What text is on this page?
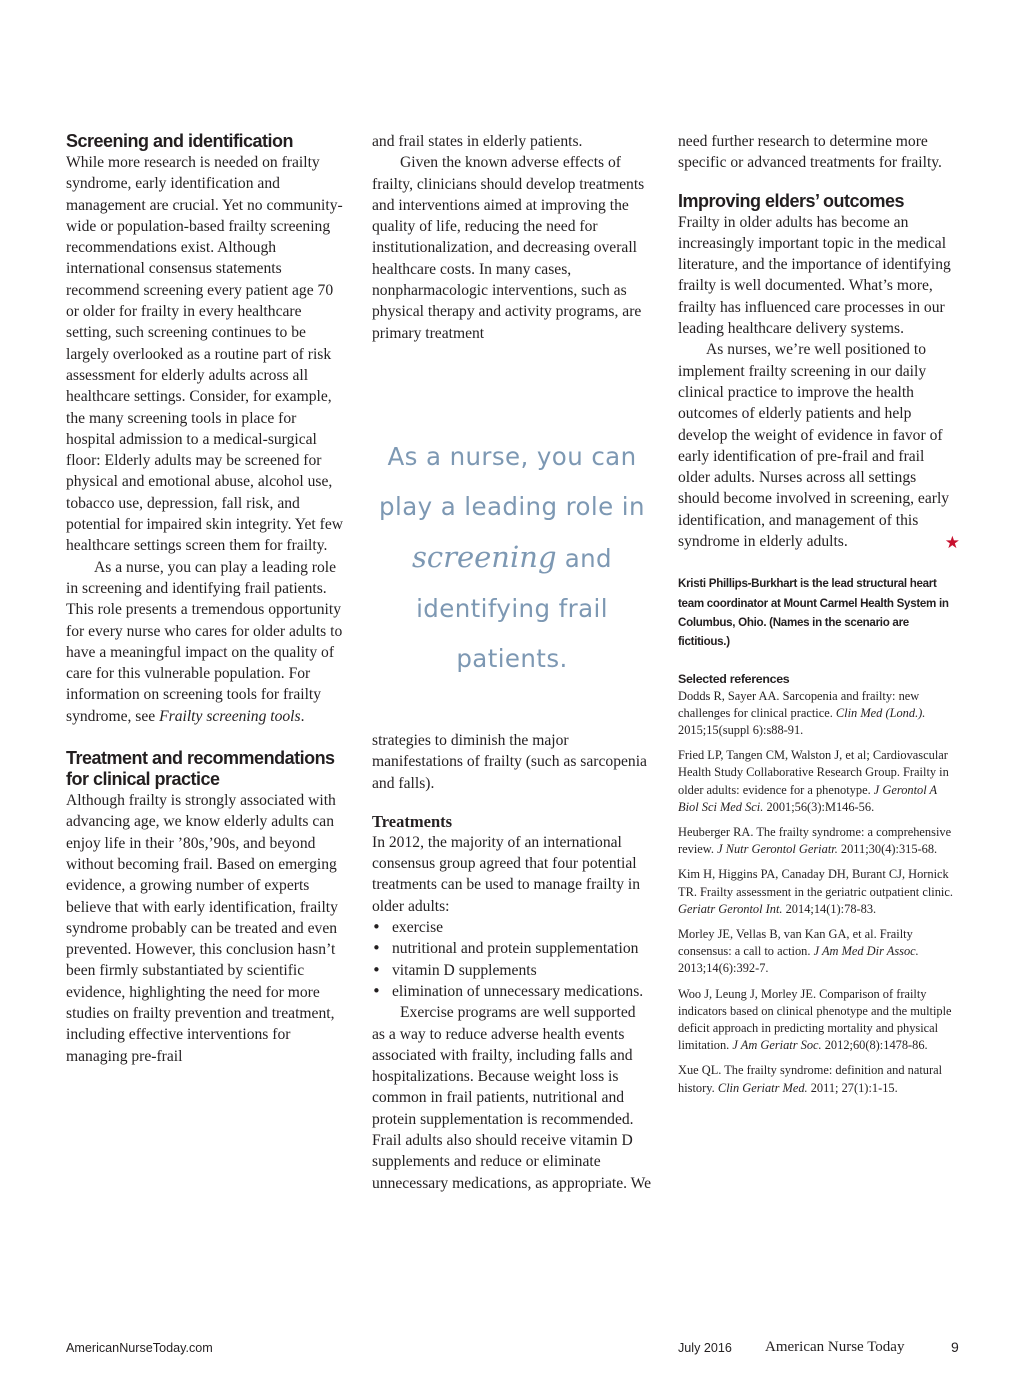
Screening and identification

While more research is needed on frailty syndrome, early identification and management are crucial. Yet no community-wide or population-based frailty screening recommendations exist. Although international consensus statements recommend screening every patient age 70 or older for frailty in every healthcare setting, such screening continues to be largely overlooked as a routine part of risk assessment for elderly adults across all healthcare settings. Consider, for example, the many screening tools in place for hospital admission to a medical-surgical floor: Elderly adults may be screened for physical and emotional abuse, alcohol use, tobacco use, depression, fall risk, and potential for impaired skin integrity. Yet few healthcare settings screen them for frailty.

As a nurse, you can play a leading role in screening and identifying frail patients. This role presents a tremendous opportunity for every nurse who cares for older adults to have a meaningful impact on the quality of care for this vulnerable population. For information on screening tools for frailty syndrome, see Frailty screening tools.

Treatment and recommendations for clinical practice

Although frailty is strongly associated with advancing age, we know elderly adults can enjoy life in their ’80s,’90s, and beyond without becoming frail. Based on emerging evidence, a growing number of experts believe that with early identification, frailty syndrome probably can be treated and even prevented. However, this conclusion hasn’t been firmly substantiated by scientific evidence, highlighting the need for more studies on frailty prevention and treatment, including effective interventions for managing pre-frail

and frail states in elderly patients.

Given the known adverse effects of frailty, clinicians should develop treatments and interventions aimed at improving the quality of life, reducing the need for institutionalization, and decreasing overall healthcare costs. In many cases, nonpharmacologic interventions, such as physical therapy and activity programs, are primary treatment

As a nurse, you can
play a leading role in
screening and
identifying frail
patients.

strategies to diminish the major manifestations of frailty (such as sarcopenia and falls).

Treatments

In 2012, the majority of an international consensus group agreed that four potential treatments can be used to manage frailty in older adults:

• exercise
• nutritional and protein supplementation
• vitamin D supplements
• elimination of unnecessary medications.

Exercise programs are well supported as a way to reduce adverse health events associated with frailty, including falls and hospitalizations. Because weight loss is common in frail patients, nutritional and protein supplementation is recommended. Frail adults also should receive vitamin D supplements and reduce or eliminate unnecessary medications, as appropriate. We

need further research to determine more specific or advanced treatments for frailty.

Improving elders’ outcomes

Frailty in older adults has become an increasingly important topic in the medical literature, and the importance of identifying frailty is well documented. What’s more, frailty has influenced care processes in our leading healthcare delivery systems.

As nurses, we’re well positioned to implement frailty screening in our daily clinical practice to improve the health outcomes of elderly patients and help develop the weight of evidence in favor of early identification of pre-frail and frail older adults. Nurses across all settings should become involved in screening, early identification, and management of this syndrome in elderly adults.	★

Kristi Phillips-Burkhart is the lead structural heart team coordinator at Mount Carmel Health System in Columbus, Ohio. (Names in the scenario are fictitious.)

Selected references

Dodds R, Sayer AA. Sarcopenia and frailty: new challenges for clinical practice. Clin Med (Lond.). 2015;15(suppl 6):s88-91.

Fried LP, Tangen CM, Walston J, et al; Cardiovascular Health Study Collaborative Research Group. Frailty in older adults: evidence for a phenotype. J Gerontol A Biol Sci Med Sci. 2001;56(3):M146-56.

Heuberger RA. The frailty syndrome: a comprehensive review. J Nutr Gerontol Geriatr. 2011;30(4):315-68.

Kim H, Higgins PA, Canaday DH, Burant CJ, Hornick TR. Frailty assessment in the geriatric outpatient clinic. Geriatr Gerontol Int. 2014;14(1):78-83.

Morley JE, Vellas B, van Kan GA, et al. Frailty consensus: a call to action. J Am Med Dir Assoc. 2013;14(6):392-7.

Woo J, Leung J, Morley JE. Comparison of frailty indicators based on clinical phenotype and the multiple deficit approach in predicting mortality and physical limitation. J Am Geriatr Soc. 2012;60(8):1478-86.

Xue QL. The frailty syndrome: definition and natural history. Clin Geriatr Med. 2011; 27(1):1-15.

AmericanNurseToday.com	July 2016 American Nurse Today	9
